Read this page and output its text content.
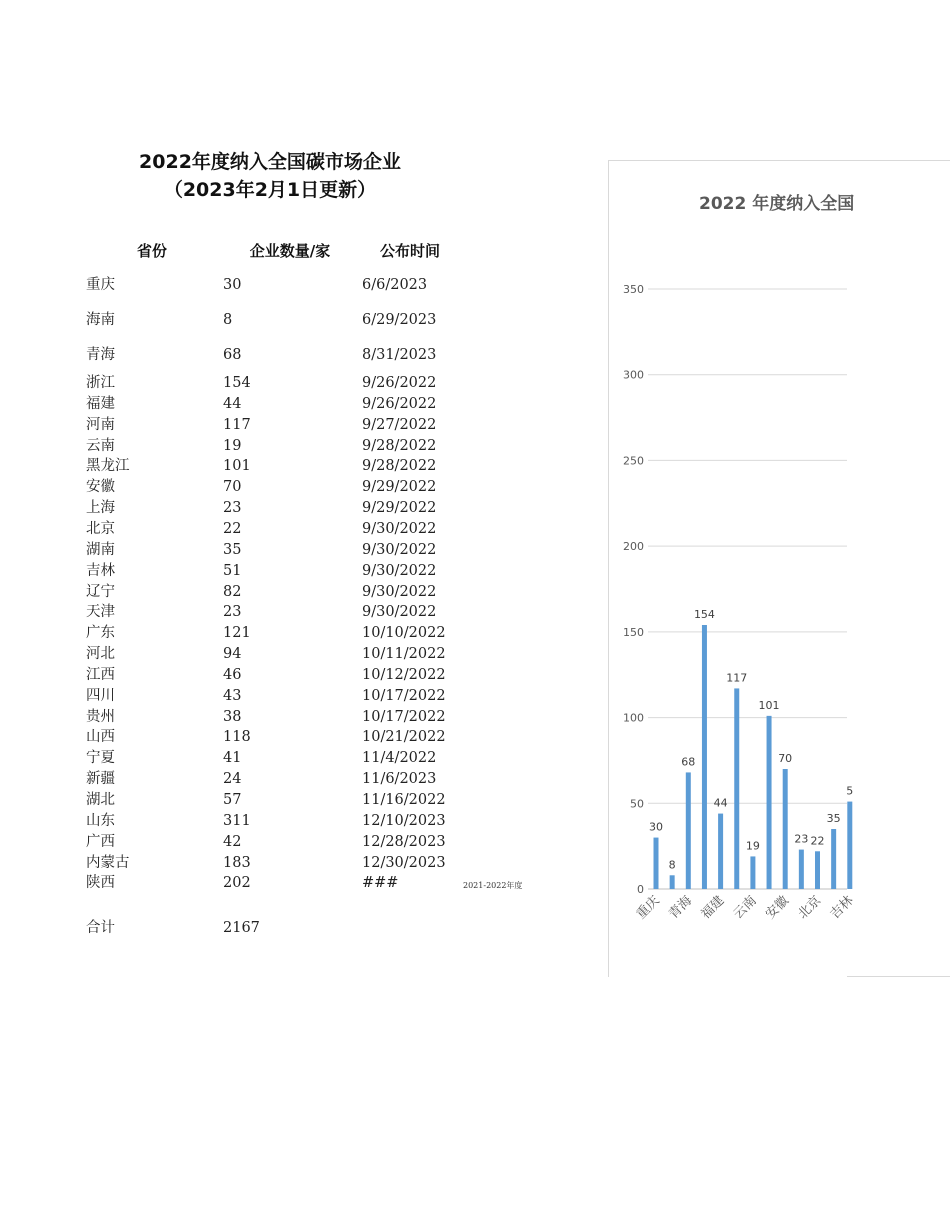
2022年度纳入全国碳市场企业
（2023年2月1日更新）
省份	企业数量/家	公布时间
重庆	30	6/6/2023
海南	8	6/29/2023
青海	68	8/31/2023
浙江	154	9/26/2022
福建	44	9/26/2022
河南	117	9/27/2022
云南	19	9/28/2022
黑龙江	101	9/28/2022
安徽	70	9/29/2022
上海	23	9/29/2022
北京	22	9/30/2022
湖南	35	9/30/2022
吉林	51	9/30/2022
辽宁	82	9/30/2022
天津	23	9/30/2022
广东	121	10/10/2022
河北	94	10/11/2022
江西	46	10/12/2022
四川	43	10/17/2022
贵州	38	10/17/2022
山西	118	10/21/2022
宁夏	41	11/4/2022
新疆	24	11/6/2023
湖北	57	11/16/2022
山东	311	12/10/2023
广西	42	12/28/2023
内蒙古	183	12/30/2023
陕西	202	###
合计	2167
2021-2022年度
2022 年度纳入全国
0
50
100
150
200
250
300
350
30
8
68
154
44
117
19
101
70
23 22
35
5
重庆 青海 福建 云南 安徽 北京 吉林
